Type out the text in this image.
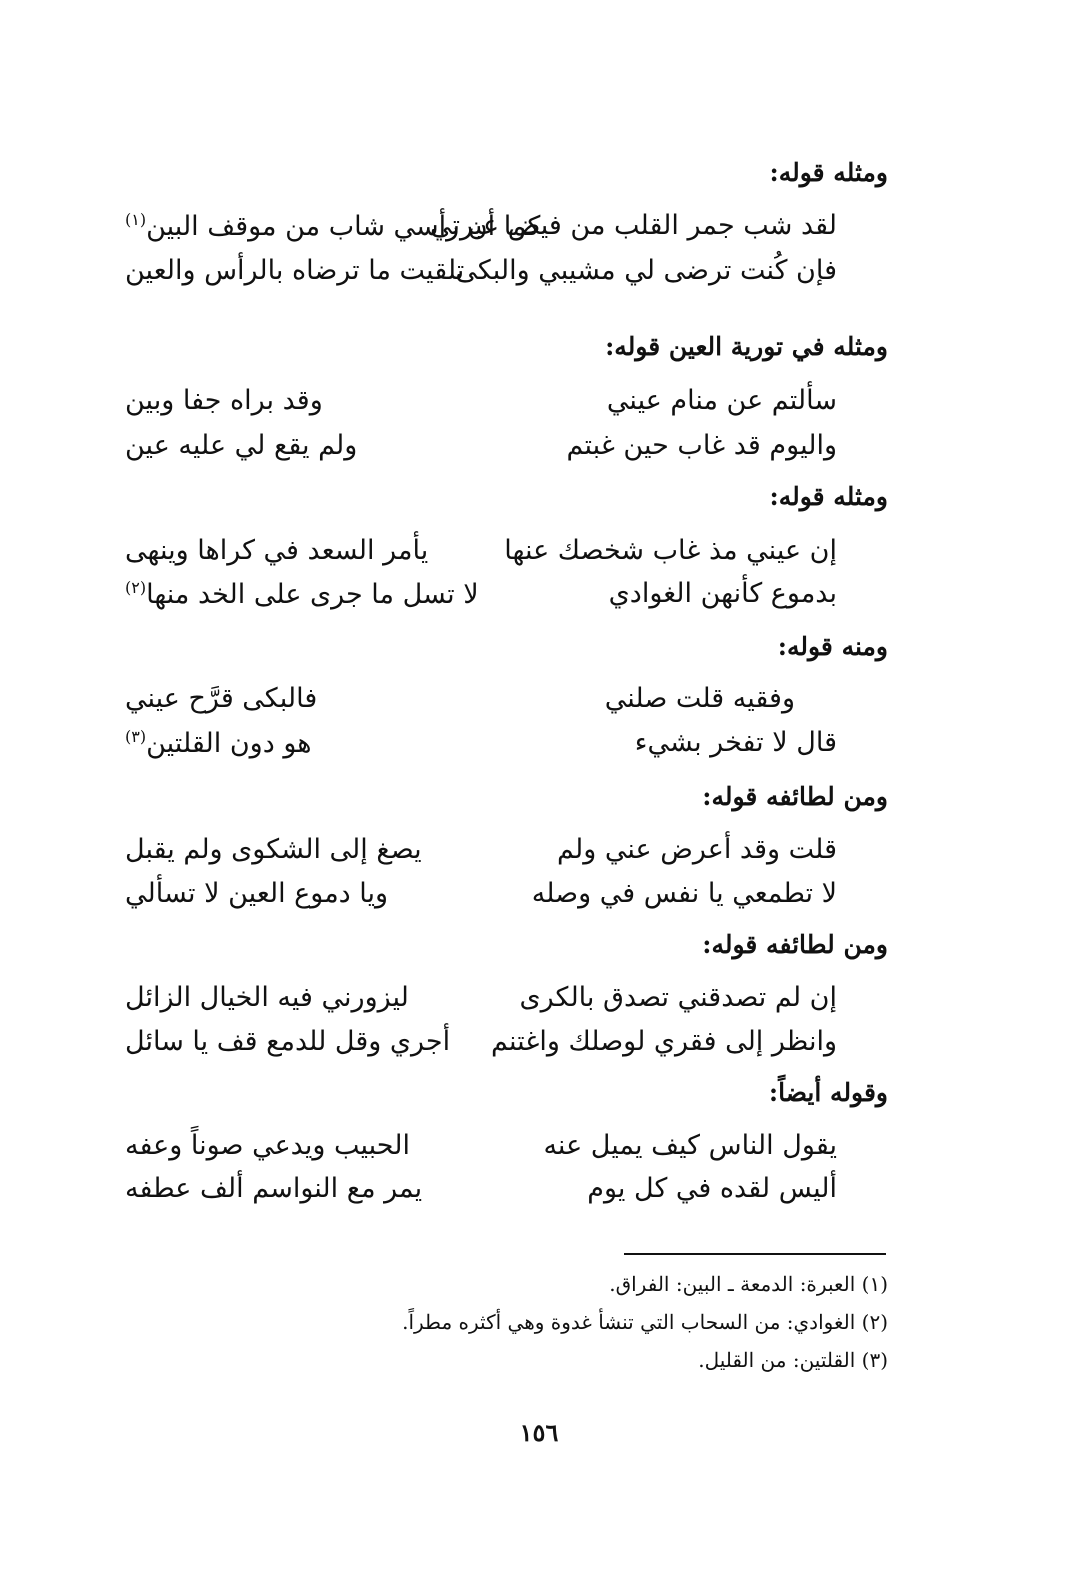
ومثله قوله:
لقد شب جمر القلب من فيض عبرتي
كما أن رأسي شاب من موقف البين$^{(١)}$
فإن كُنت ترضى لي مشيبي والبكى
تلقيت ما ترضاه بالرأس والعين
ومثله في تورية العين قوله:
سألتم عن منام عيني
وقد براه جفا وبين
واليوم قد غاب حين غبتم
ولم يقع لي عليه عين
ومثله قوله:
إن عيني مذ غاب شخصك عنها
يأمر السعد في كراها وينهى
بدموع كأنهن الغوادي
لا تسل ما جرى على الخد منها$^{(٢)}$
ومنه قوله:
وفقيه قلت صلني
فالبكى قرَّح عيني
قال لا تفخر بشيء
هو دون القلتين$^{(٣)}$
ومن لطائفه قوله:
قلت وقد أعرض عني ولم
يصغ إلى الشكوى ولم يقبل
لا تطمعي يا نفس في وصله
ويا دموع العين لا تسألي
ومن لطائفه قوله:
إن لم تصدقني تصدق بالكرى
ليزورني فيه الخيال الزائل
وانظر إلى فقري لوصلك واغتنم
أجري وقل للدمع قف يا سائل
وقوله أيضاً:
يقول الناس كيف يميل عنه
الحبيب ويدعي صوناً وعفه
أليس لقده في كل يوم
يمر مع النواسم ألف عطفه
(١) العبرة: الدمعة ـ البين: الفراق.
(٢) الغوادي: من السحاب التي تنشأ غدوة وهي أكثره مطراً.
(٣) القلتين: من القليل.
١٥٦
